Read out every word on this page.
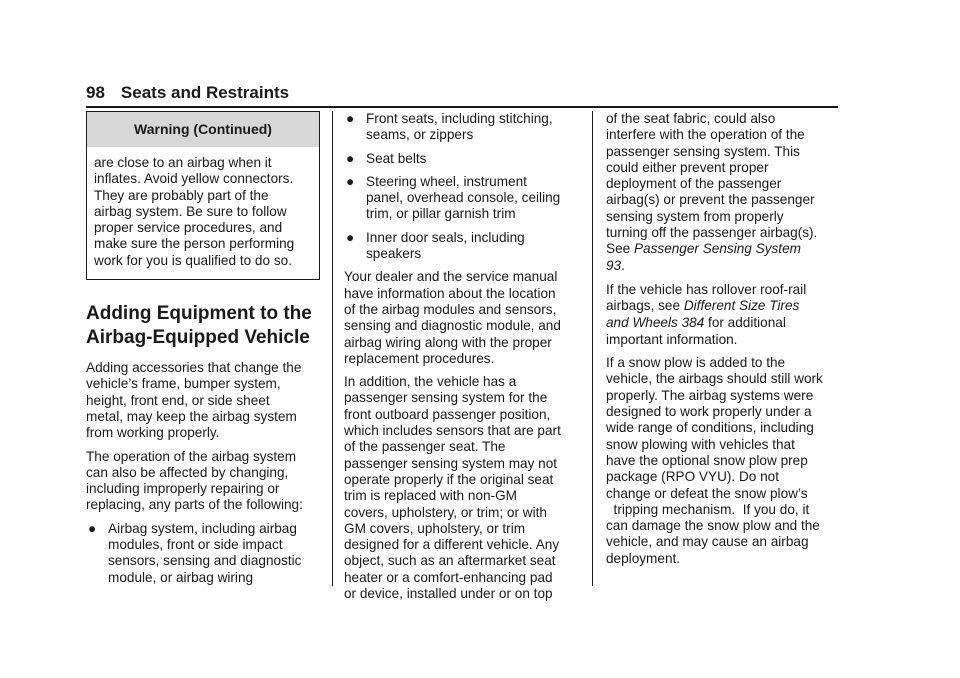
98 Seats and Restraints
Warning (Continued)
are close to an airbag when it
inflates. Avoid yellow connectors.
They are probably part of the
airbag system. Be sure to follow
proper service procedures, and
make sure the person performing
work for you is qualified to do so.
Adding Equipment to the
Airbag-Equipped Vehicle

Adding accessories that change the
vehicle’s frame, bumper system,
height, front end, or side sheet
metal, may keep the airbag system
from working properly.

The operation of the airbag system
can also be affected by changing,
including improperly repairing or
replacing, any parts of the following:

● Airbag system, including airbag
modules, front or side impact
sensors, sensing and diagnostic
module, or airbag wiring
● Front seats, including stitching,
seams, or zippers
● Seat belts
● Steering wheel, instrument
panel, overhead console, ceiling
trim, or pillar garnish trim
● Inner door seals, including
speakers

Your dealer and the service manual
have information about the location
of the airbag modules and sensors,
sensing and diagnostic module, and
airbag wiring along with the proper
replacement procedures.

In addition, the vehicle has a
passenger sensing system for the
front outboard passenger position,
which includes sensors that are part
of the passenger seat. The
passenger sensing system may not
operate properly if the original seat
trim is replaced with non-GM
covers, upholstery, or trim; or with
GM covers, upholstery, or trim
designed for a different vehicle. Any
object, such as an aftermarket seat
heater or a comfort-enhancing pad
or device, installed under or on top

of the seat fabric, could also
interfere with the operation of the
passenger sensing system. This
could either prevent proper
deployment of the passenger
airbag(s) or prevent the passenger
sensing system from properly
turning off the passenger airbag(s).
See Passenger Sensing System
93.

If the vehicle has rollover roof-rail
airbags, see Different Size Tires
and Wheels 384 for additional
important information.

If a snow plow is added to the
vehicle, the airbags should still work
properly. The airbag systems were
designed to work properly under a
wide range of conditions, including
snow plowing with vehicles that
have the optional snow plow prep
package (RPO VYU). Do not
change or defeat the snow plow’s
tripping mechanism.  If you do, it
can damage the snow plow and the
vehicle, and may cause an airbag
deployment.
